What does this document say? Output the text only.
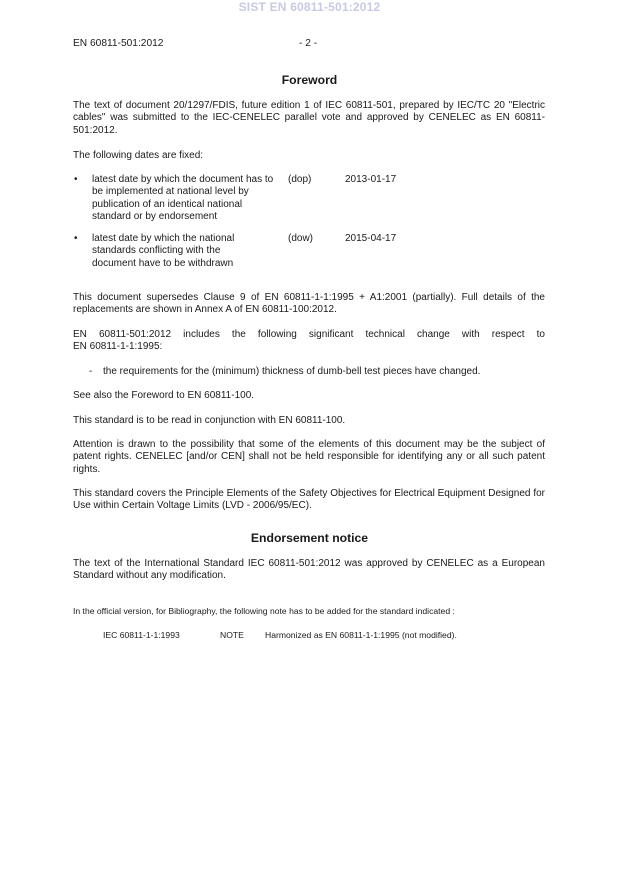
SIST EN 60811-501:2012
EN 60811-501:2012	- 2 -
Foreword
The text of document 20/1297/FDIS, future edition 1 of IEC 60811-501, prepared by IEC/TC 20 "Electric cables" was submitted to the IEC-CENELEC parallel vote and approved by CENELEC as EN 60811-501:2012.
The following dates are fixed:
• latest date by which the document has to be implemented at national level by publication of an identical national standard or by endorsement
(dop)	2013-01-17
• latest date by which the national standards conflicting with the document have to be withdrawn
(dow)	2015-04-17
This document supersedes Clause 9 of EN 60811-1-1:1995 + A1:2001 (partially). Full details of the replacements are shown in Annex A of EN 60811-100:2012.
EN 60811-501:2012 includes the following significant technical change with respect to
EN 60811-1-1:1995:
- the requirements for the (minimum) thickness of dumb-bell test pieces have changed.
See also the Foreword to EN 60811-100.
This standard is to be read in conjunction with EN 60811-100.
Attention is drawn to the possibility that some of the elements of this document may be the subject of patent rights. CENELEC [and/or CEN] shall not be held responsible for identifying any or all such patent rights.
This standard covers the Principle Elements of the Safety Objectives for Electrical Equipment Designed for Use within Certain Voltage Limits (LVD - 2006/95/EC).
Endorsement notice
The text of the International Standard IEC 60811-501:2012 was approved by CENELEC as a European Standard without any modification.
In the official version, for Bibliography, the following note has to be added for the standard indicated :
IEC 60811-1-1:1993	NOTE Harmonized as EN 60811-1-1:1995 (not modified).
